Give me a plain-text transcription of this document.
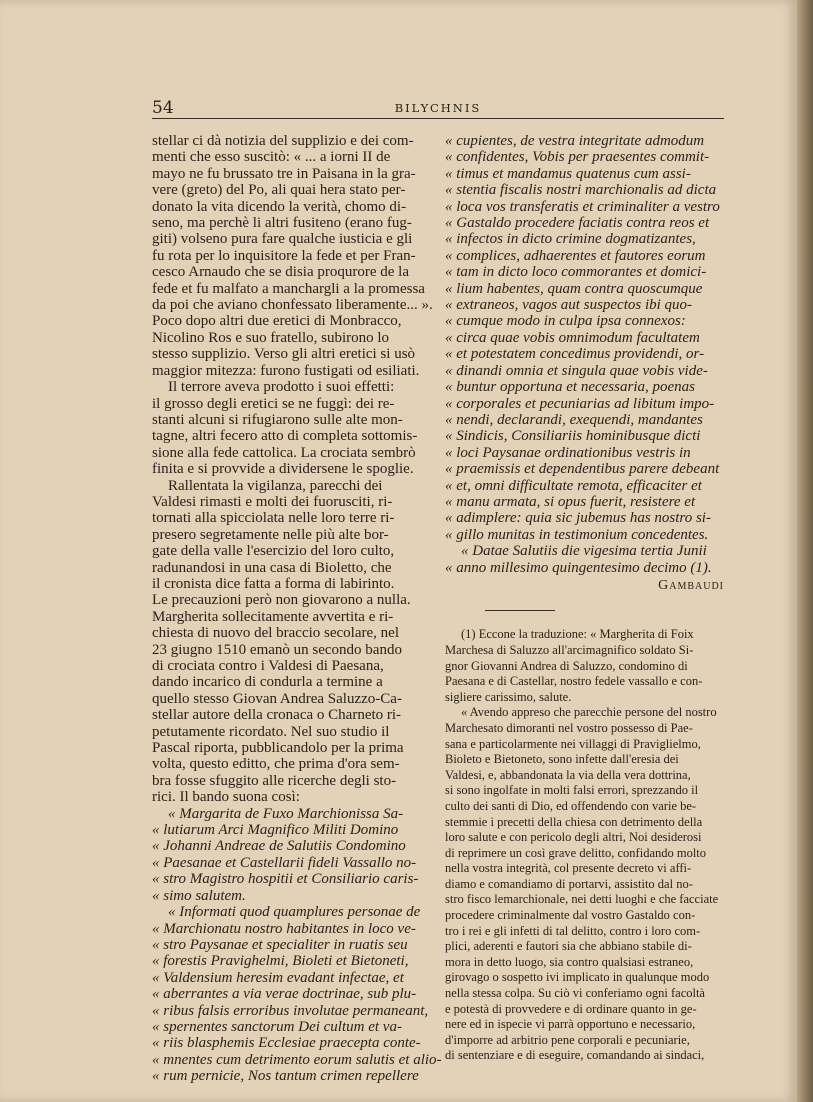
54	BILYCHNIS
stellar ci dà notizia del supplizio e dei com-
menti che esso suscitò: « ... a iorni II de
mayo ne fu brussato tre in Paisana in la gra-
vere (greto) del Po, ali quai hera stato per-
donato la vita dicendo la verità, chomo di-
seno, ma perchè li altri fusiteno (erano fug-
giti) volseno pura fare qualche iusticia e gli
fu rota per lo inquisitore la fede et per Fran-
cesco Arnaudo che se disia proqurore de la
fede et fu malfato a manchargli a la promessa
da poi che aviano chonfessato liberamente... ».
Poco dopo altri due eretici di Monbracco,
Nicolino Ros e suo fratello, subirono lo
stesso supplizio. Verso gli altri eretici si usò
maggior mitezza: furono fustigati od esiliati.
Il terrore aveva prodotto i suoi effetti:
il grosso degli eretici se ne fuggì: dei re-
stanti alcuni si rifugiarono sulle alte mon-
tagne, altri fecero atto di completa sottomis-
sione alla fede cattolica. La crociata sembrò
finita e si provvide a dividersene le spoglie.
Rallentata la vigilanza, parecchi dei
Valdesi rimasti e molti dei fuorusciti, ri-
tornati alla spicciolata nelle loro terre ri-
presero segretamente nelle più alte bor-
gate della valle l'esercizio del loro culto,
radunandosi in una casa di Bioletto, che
il cronista dice fatta a forma di labirinto.
Le precauzioni però non giovarono a nulla.
Margherita sollecitamente avvertita e ri-
chiesta di nuovo del braccio secolare, nel
23 giugno 1510 emanò un secondo bando
di crociata contro i Valdesi di Paesana,
dando incarico di condurla a termine a
quello stesso Giovan Andrea Saluzzo-Ca-
stellar autore della cronaca o Charneto ri-
petutamente ricordato. Nel suo studio il
Pascal riporta, pubblicandolo per la prima
volta, questo editto, che prima d'ora sem-
bra fosse sfuggito alle ricerche degli sto-
rici. Il bando suona così:
« Margarita de Fuxo Marchionissa Sa-
« lutiarum Arci Magnifico Militi Domino
« Johanni Andreae de Salutiis Condomino
« Paesanae et Castellarii fideli Vassallo no-
« stro Magistro hospitii et Consiliario caris-
« simo salutem.
« Informati quod quamplures personae de
« Marchionatu nostro habitantes in loco ve-
« stro Paysanae et specialiter in ruatis seu
« forestis Pravighelmi, Bioleti et Bietoneti,
« Valdensium heresim evadant infectae, et
« aberrantes a via verae doctrinae, sub plu-
« ribus falsis erroribus involutae permaneant,
« spernentes sanctorum Dei cultum et va-
« riis blasphemis Ecclesiae praecepta conte-
« mnentes cum detrimento eorum salutis et alio-
« rum pernicie, Nos tantum crimen repellere
« cupientes, de vestra integritate admodum
« confidentes, Vobis per praesentes commit-
« timus et mandamus quatenus cum assi-
« stentia fiscalis nostri marchionalis ad dicta
« loca vos transferatis et criminaliter a vestro
« Gastaldo procedere faciatis contra reos et
« infectos in dicto crimine dogmatizantes,
« complices, adhaerentes et fautores eorum
« tam in dicto loco commorantes et domici-
« lium habentes, quam contra quoscumque
« extraneos, vagos aut suspectos ibi quo-
« cumque modo in culpa ipsa connexos:
« circa quae vobis omnimodum facultatem
« et potestatem concedimus providendi, or-
« dinandi omnia et singula quae vobis vide-
« buntur opportuna et necessaria, poenas
« corporales et pecuniarias ad libitum impo-
« nendi, declarandi, exequendi, mandantes
« Sindicis, Consiliariis hominibusque dicti
« loci Paysanae ordinationibus vestris in
« praemissis et dependentibus parere debeant
« et, omni difficultate remota, efficaciter et
« manu armata, si opus fuerit, resistere et
« adimplere: quia sic jubemus has nostro si-
« gillo munitas in testimonium concedentes.
« Datae Salutiis die vigesima tertia Junii
« anno millesimo quingentesimo decimo (1).
Gambaudi
(1) Eccone la traduzione: « Margherita di Foix
Marchesa di Saluzzo all'arcimagnifico soldato Si-
gnor Giovanni Andrea di Saluzzo, condomino di
Paesana e di Castellar, nostro fedele vassallo e con-
sigliere carissimo, salute.
« Avendo appreso che parecchie persone del nostro
Marchesato dimoranti nel vostro possesso di Pae-
sana e particolarmente nei villaggi di Praviglielmo,
Bioleto e Bietoneto, sono infette dall'eresia dei
Valdesi, e, abbandonata la via della vera dottrina,
si sono ingolfate in molti falsi errori, sprezzando il
culto dei santi di Dio, ed offendendo con varie be-
stemmie i precetti della chiesa con detrimento della
loro salute e con pericolo degli altri, Noi desiderosi
di reprimere un così grave delitto, confidando molto
nella vostra integrità, col presente decreto vi affi-
diamo e comandiamo di portarvi, assistito dal no-
stro fisco lemarchionale, nei detti luoghi e che facciate
procedere criminalmente dal vostro Gastaldo con-
tro i rei e gli infetti di tal delitto, contro i loro com-
plici, aderenti e fautori sia che abbiano stabile di-
mora in detto luogo, sia contro qualsiasi estraneo,
girovago o sospetto ivi implicato in qualunque modo
nella stessa colpa. Su ciò vi conferiamo ogni facoltà
e potestà di provvedere e di ordinare quanto in ge-
nere ed in ispecie vi parrà opportuno e necessario,
d'imporre ad arbitrio pene corporali e pecuniarie,
di sentenziare e di eseguire, comandando ai sindaci,
